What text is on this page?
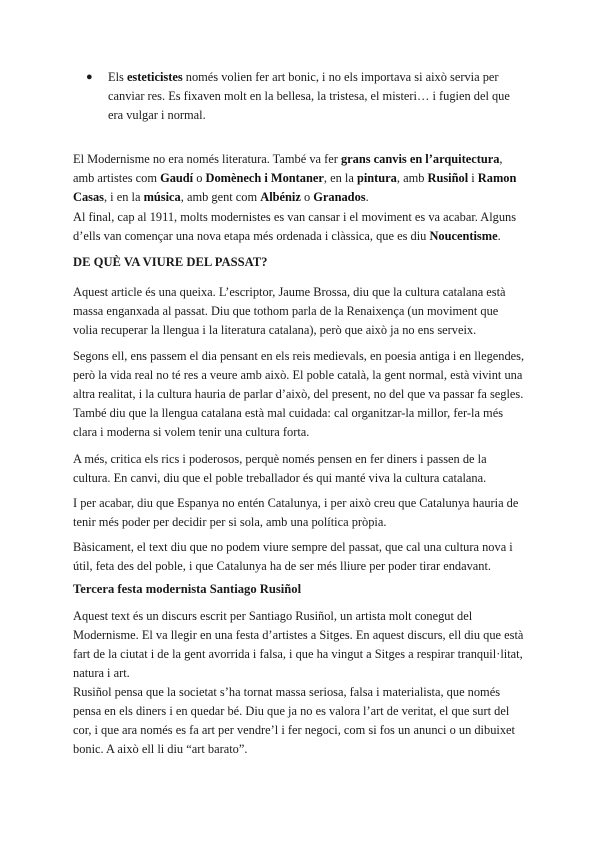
● Els esteticistes només volien fer art bonic, i no els importava si això servia per canviar res. Es fixaven molt en la bellesa, la tristesa, el misteri… i fugien del que era vulgar i normal.

El Modernisme no era només literatura. També va fer grans canvis en l’arquitectura, amb artistes com Gaudí o Domènech i Montaner, en la pintura, amb Rusiñol i Ramon Casas, i en la música, amb gent com Albéniz o Granados.

Al final, cap al 1911, molts modernistes es van cansar i el moviment es va acabar. Alguns d’ells van començar una nova etapa més ordenada i clàssica, que es diu Noucentisme.

DE QUÈ VA VIURE DEL PASSAT?

Aquest article és una queixa. L’escriptor, Jaume Brossa, diu que la cultura catalana està massa enganxada al passat. Diu que tothom parla de la Renaixença (un moviment que volia recuperar la llengua i la literatura catalana), però que això ja no ens serveix.

Segons ell, ens passem el dia pensant en els reis medievals, en poesia antiga i en llegendes, però la vida real no té res a veure amb això. El poble català, la gent normal, està vivint una altra realitat, i la cultura hauria de parlar d’això, del present, no del que va passar fa segles.

També diu que la llengua catalana està mal cuidada: cal organitzar-la millor, fer-la més clara i moderna si volem tenir una cultura forta.

A més, critica els rics i poderosos, perquè només pensen en fer diners i passen de la cultura. En canvi, diu que el poble treballador és qui manté viva la cultura catalana.

I per acabar, diu que Espanya no entén Catalunya, i per això creu que Catalunya hauria de tenir més poder per decidir per si sola, amb una política pròpia.

Bàsicament, el text diu que no podem viure sempre del passat, que cal una cultura nova i útil, feta des del poble, i que Catalunya ha de ser més lliure per poder tirar endavant.

Tercera festa modernista Santiago Rusiñol

Aquest text és un discurs escrit per Santiago Rusiñol, un artista molt conegut del Modernisme. El va llegir en una festa d’artistes a Sitges. En aquest discurs, ell diu que està fart de la ciutat i de la gent avorrida i falsa, i que ha vingut a Sitges a respirar tranquil·litat, natura i art.

Rusiñol pensa que la societat s’ha tornat massa seriosa, falsa i materialista, que només pensa en els diners i en quedar bé. Diu que ja no es valora l’art de veritat, el que surt del cor, i que ara només es fa art per vendre’l i fer negoci, com si fos un anunci o un dibuixet bonic. A això ell li diu “art barato”.
